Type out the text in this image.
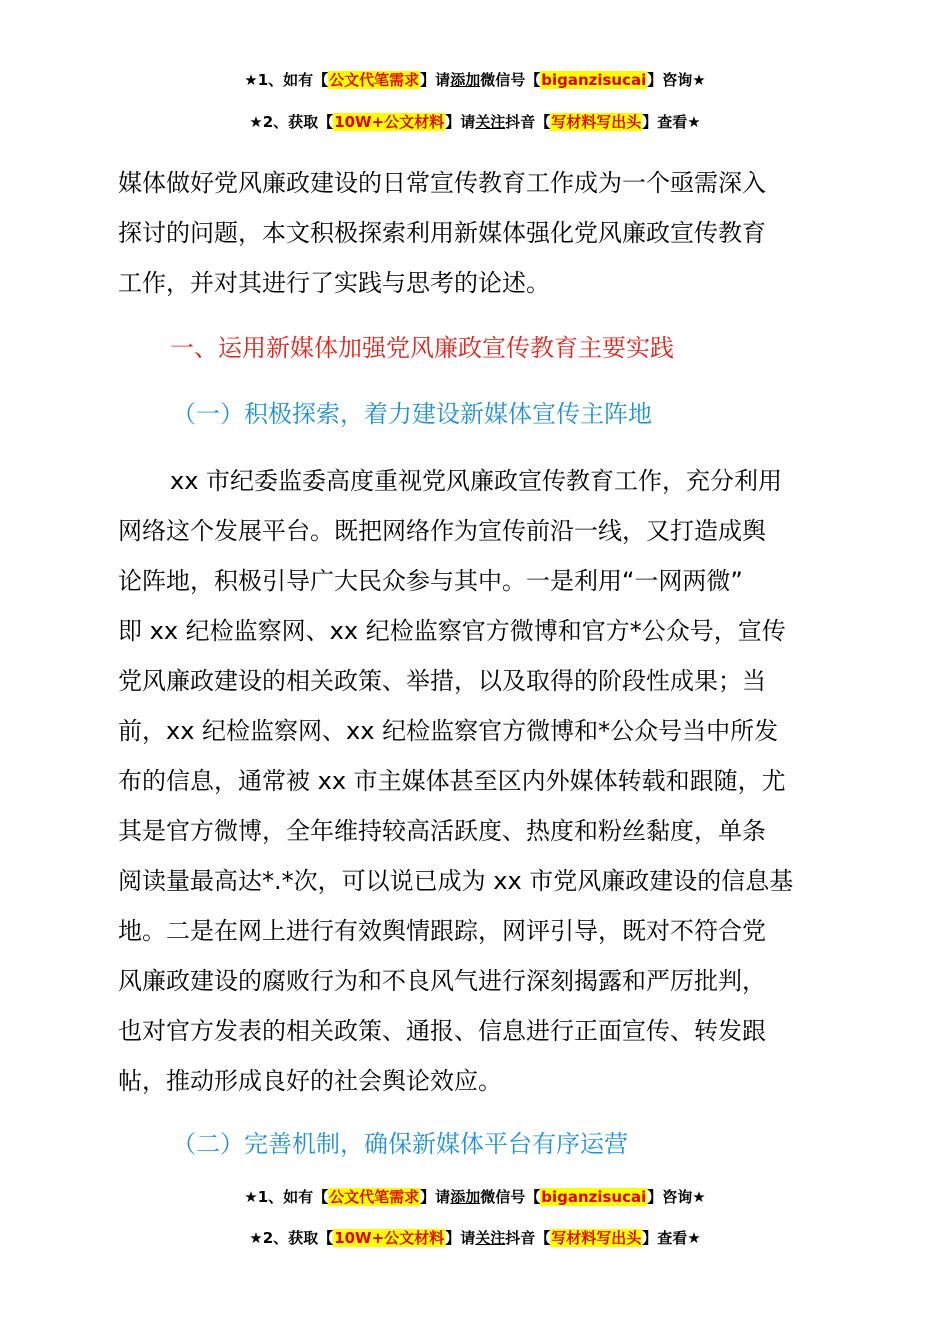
★1、如有【公文代笔需求】请添加微信号【biganzisucai】咨询★
★2、获取【10W+公文材料】请关注抖音【写材料写出头】查看★
媒体做好党风廉政建设的日常宣传教育工作成为一个亟需深入
探讨的问题，本文积极探索利用新媒体强化党风廉政宣传教育
工作，并对其进行了实践与思考的论述。
一、运用新媒体加强党风廉政宣传教育主要实践
（一）积极探索，着力建设新媒体宣传主阵地
xx 市纪委监委高度重视党风廉政宣传教育工作，充分利用
网络这个发展平台。既把网络作为宣传前沿一线，又打造成舆
论阵地，积极引导广大民众参与其中。一是利用“一网两微”
即 xx 纪检监察网、xx 纪检监察官方微博和官方*公众号，宣传
党风廉政建设的相关政策、举措，以及取得的阶段性成果；当
前，xx 纪检监察网、xx 纪检监察官方微博和*公众号当中所发
布的信息，通常被 xx 市主媒体甚至区内外媒体转载和跟随，尤
其是官方微博，全年维持较高活跃度、热度和粉丝黏度，单条
阅读量最高达*.*次，可以说已成为 xx 市党风廉政建设的信息基
地。二是在网上进行有效舆情跟踪，网评引导，既对不符合党
风廉政建设的腐败行为和不良风气进行深刻揭露和严厉批判，
也对官方发表的相关政策、通报、信息进行正面宣传、转发跟
帖，推动形成良好的社会舆论效应。
（二）完善机制，确保新媒体平台有序运营
★1、如有【公文代笔需求】请添加微信号【biganzisucai】咨询★
★2、获取【10W+公文材料】请关注抖音【写材料写出头】查看★
